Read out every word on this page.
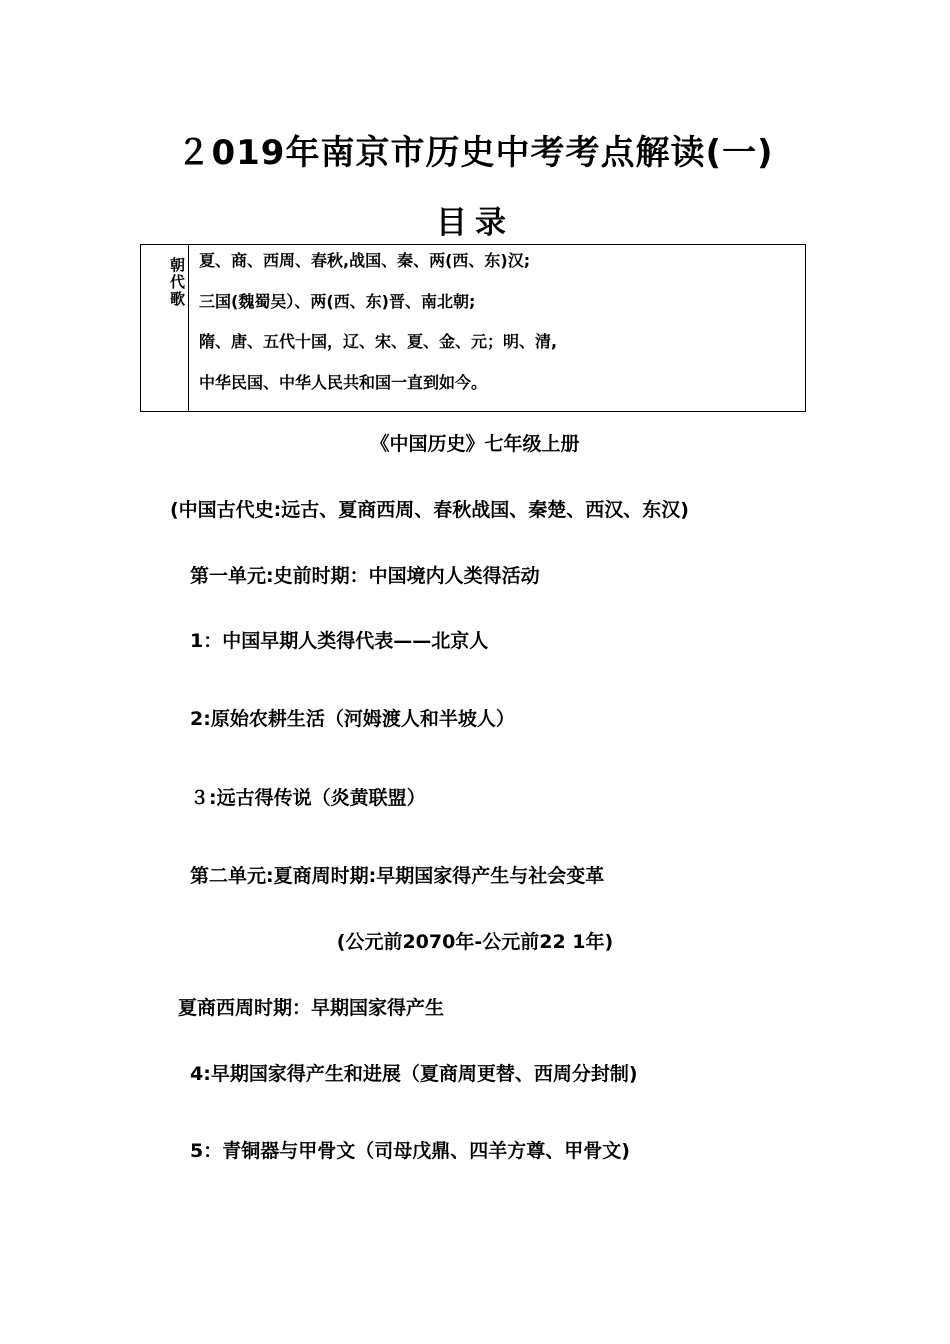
２019年南京市历史中考考点解读(一)
目录
朝代歌 夏、商、西周、春秋,战国、秦、两(西、东)汉;
三国(魏蜀吴）、两(西、东)晋、南北朝;
隋、唐、五代十国，辽、宋、夏、金、元；明、清,
中华民国、中华人民共和国一直到如今。
《中国历史》七年级上册
(中国古代史:远古、夏商西周、春秋战国、秦楚、西汉、东汉)
第一单元:史前时期：中国境内人类得活动
1：中国早期人类得代表——北京人
2:原始农耕生活（河姆渡人和半坡人）
３:远古得传说（炎黄联盟）
第二单元:夏商周时期:早期国家得产生与社会变革
(公元前2070年-公元前22 1年)
夏商西周时期：早期国家得产生
4:早期国家得产生和进展（夏商周更替、西周分封制)
5：青铜器与甲骨文（司母戊鼎、四羊方尊、甲骨文)
